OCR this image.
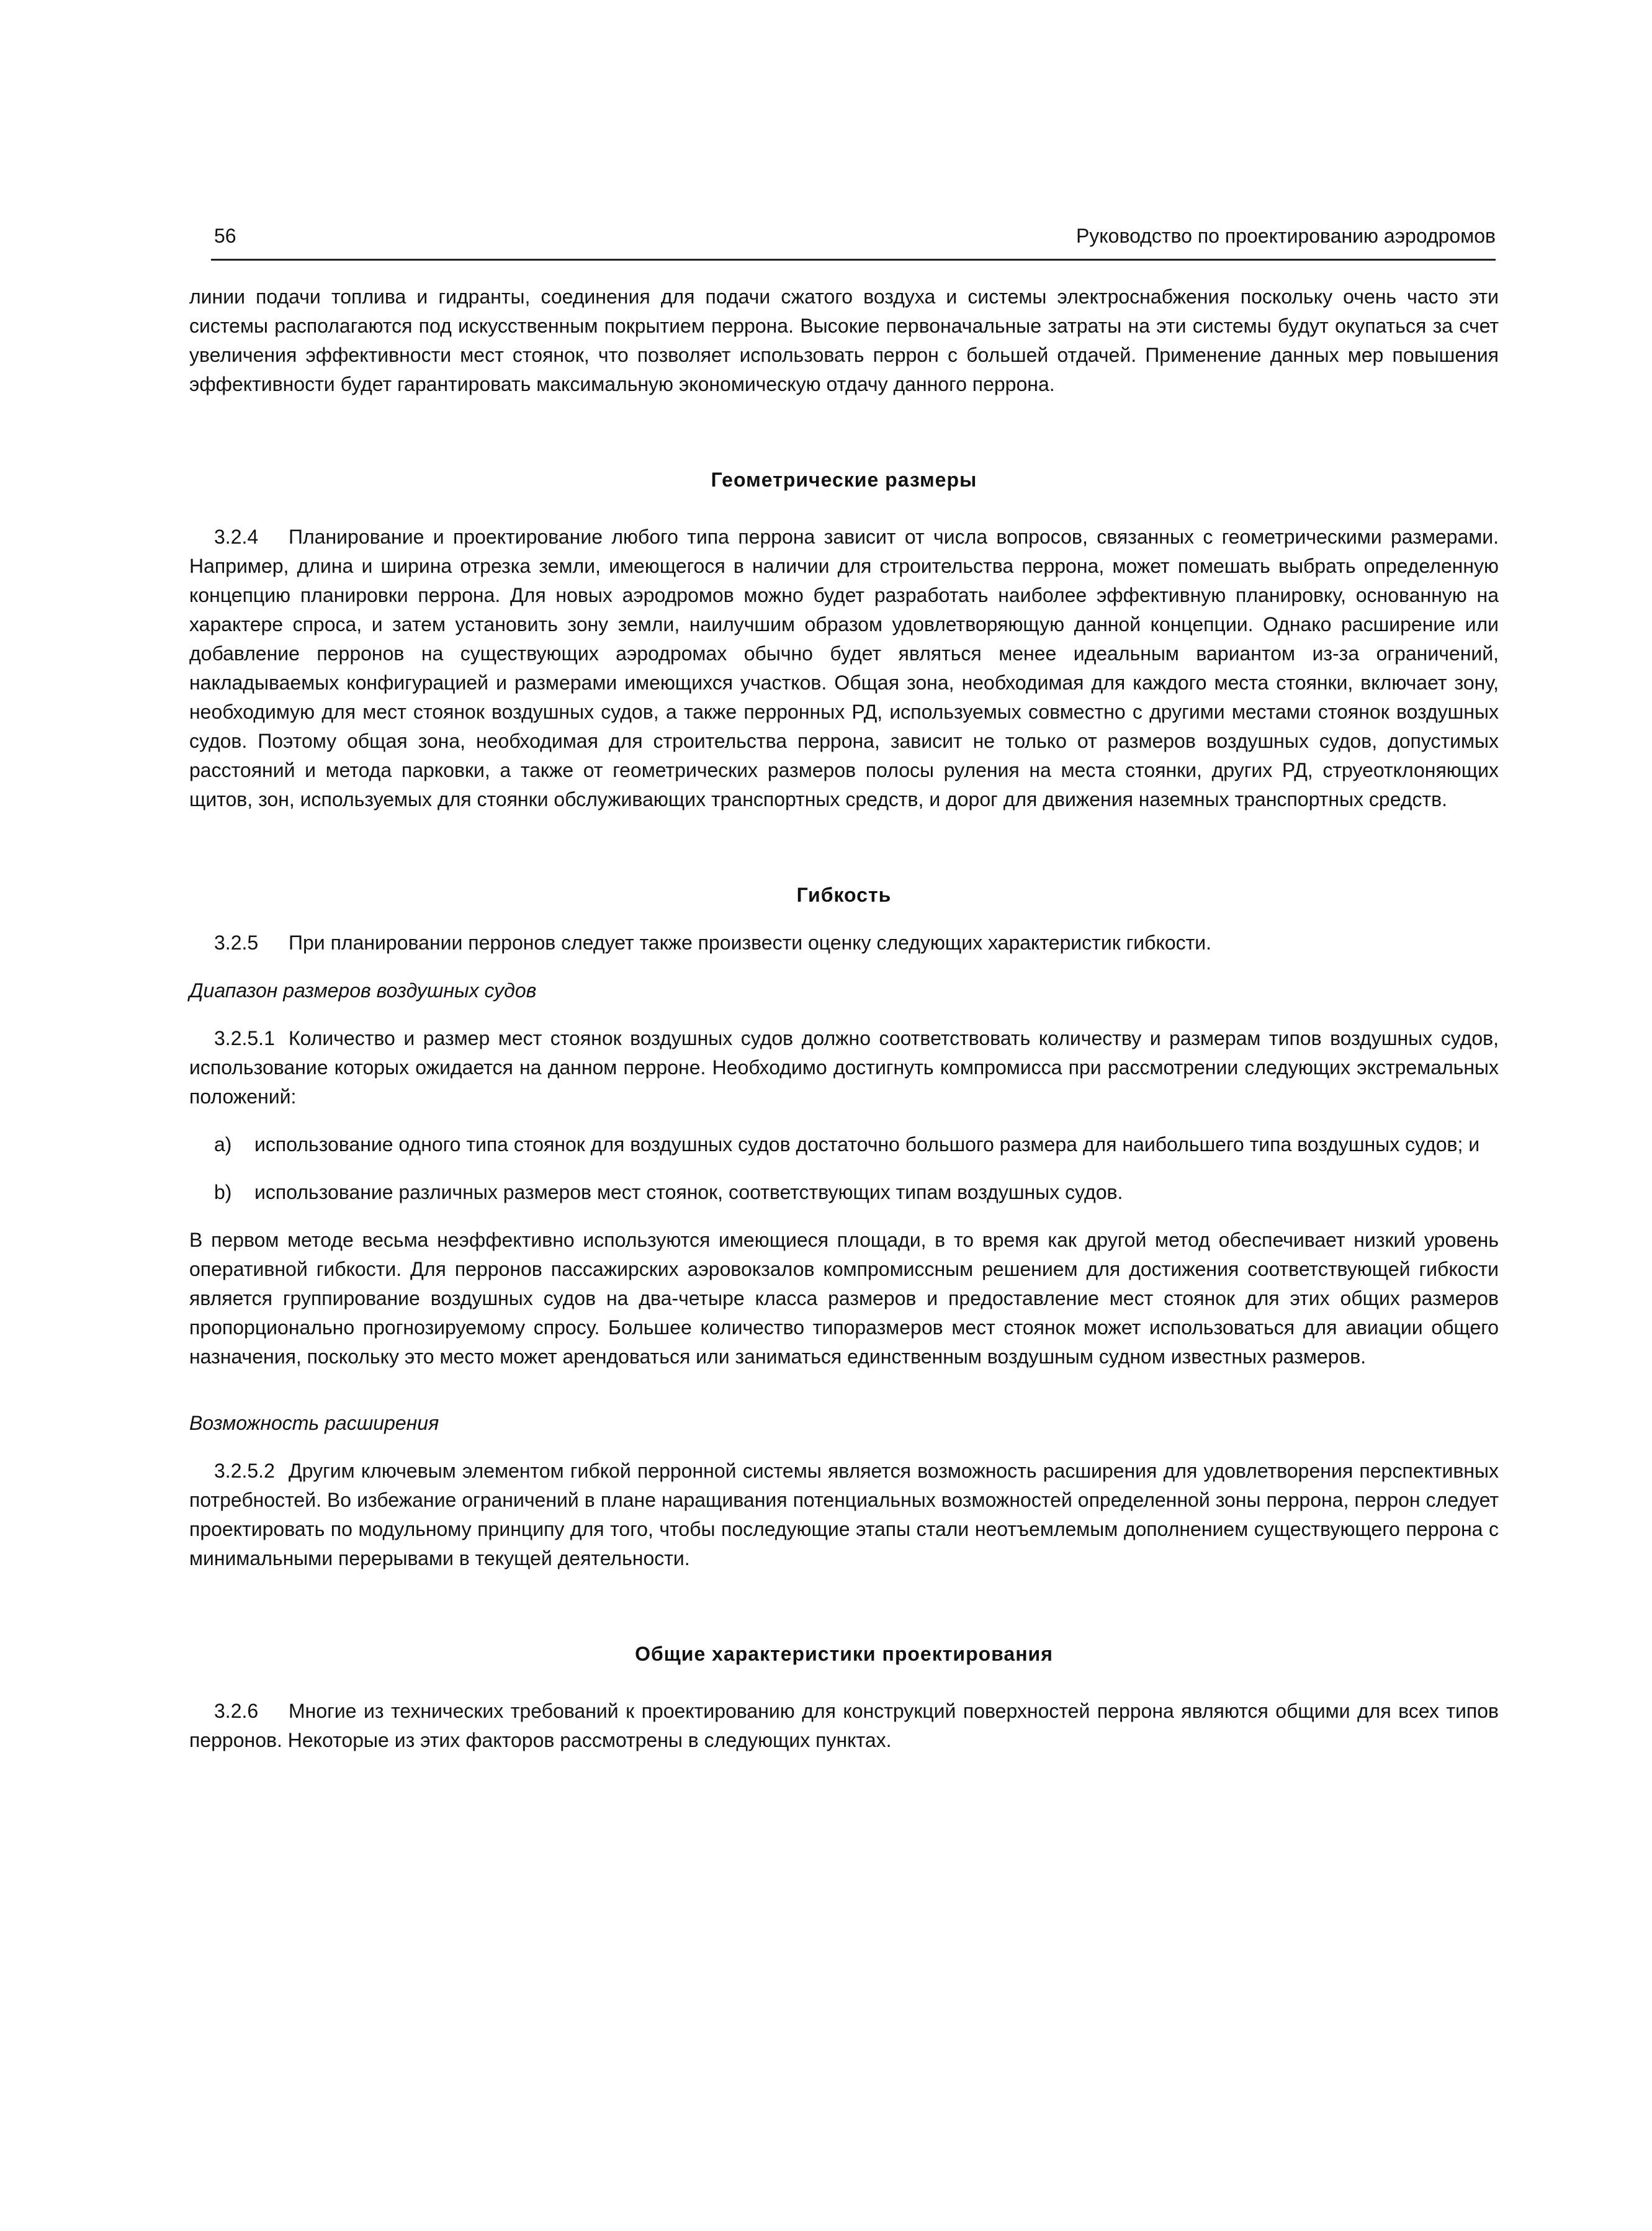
56	Руководство по проектированию аэродромов

линии подачи топлива и гидранты, соединения для подачи сжатого воздуха и системы электроснабжения поскольку очень часто эти системы располагаются под искусственным покрытием перрона. Высокие первоначальные затраты на эти системы будут окупаться за счет увеличения эффективности мест стоянок, что позволяет использовать перрон с большей отдачей. Применение данных мер повышения эффективности будет гарантировать максимальную экономическую отдачу данного перрона.

Геометрические размеры

3.2.4 Планирование и проектирование любого типа перрона зависит от числа вопросов, связанных с геометрическими размерами. Например, длина и ширина отрезка земли, имеющегося в наличии для строительства перрона, может помешать выбрать определенную концепцию планировки перрона. Для новых аэродромов можно будет разработать наиболее эффективную планировку, основанную на характере спроса, и затем установить зону земли, наилучшим образом удовлетворяющую данной концепции. Однако расширение или добавление перронов на существующих аэродромах обычно будет являться менее идеальным вариантом из-за ограничений, накладываемых конфигурацией и размерами имеющихся участков. Общая зона, необходимая для каждого места стоянки, включает зону, необходимую для мест стоянок воздушных судов, а также перронных РД, используемых совместно с другими местами стоянок воздушных судов. Поэтому общая зона, необходимая для строительства перрона, зависит не только от размеров воздушных судов, допустимых расстояний и метода парковки, а также от геометрических размеров полосы руления на места стоянки, других РД, струеотклоняющих щитов, зон, используемых для стоянки обслуживающих транспортных средств, и дорог для движения наземных транспортных средств.

Гибкость

3.2.5 При планировании перронов следует также произвести оценку следующих характеристик гибкости.

Диапазон размеров воздушных судов

3.2.5.1 Количество и размер мест стоянок воздушных судов должно соответствовать количеству и размерам типов воздушных судов, использование которых ожидается на данном перроне. Необходимо достигнуть компромисса при рассмотрении следующих экстремальных положений:

a)	использование одного типа стоянок для воздушных судов достаточно большого размера для наибольшего типа воздушных судов; и
b)	использование различных размеров мест стоянок, соответствующих типам воздушных судов.

В первом методе весьма неэффективно используются имеющиеся площади, в то время как другой метод обеспечивает низкий уровень оперативной гибкости. Для перронов пассажирских аэровокзалов компромиссным решением для достижения соответствующей гибкости является группирование воздушных судов на два-четыре класса размеров и предоставление мест стоянок для этих общих размеров пропорционально прогнозируемому спросу. Большее количество типоразмеров мест стоянок может использоваться для авиации общего назначения, поскольку это место может арендоваться или заниматься единственным воздушным судном известных размеров.

Возможность расширения

3.2.5.2 Другим ключевым элементом гибкой перронной системы является возможность расширения для удовлетворения перспективных потребностей. Во избежание ограничений в плане наращивания потенциальных возможностей определенной зоны перрона, перрон следует проектировать по модульному принципу для того, чтобы последующие этапы стали неотъемлемым дополнением существующего перрона с минимальными перерывами в текущей деятельности.

Общие характеристики проектирования

3.2.6 Многие из технических требований к проектированию для конструкций поверхностей перрона являются общими для всех типов перронов. Некоторые из этих факторов рассмотрены в следующих пунктах.
